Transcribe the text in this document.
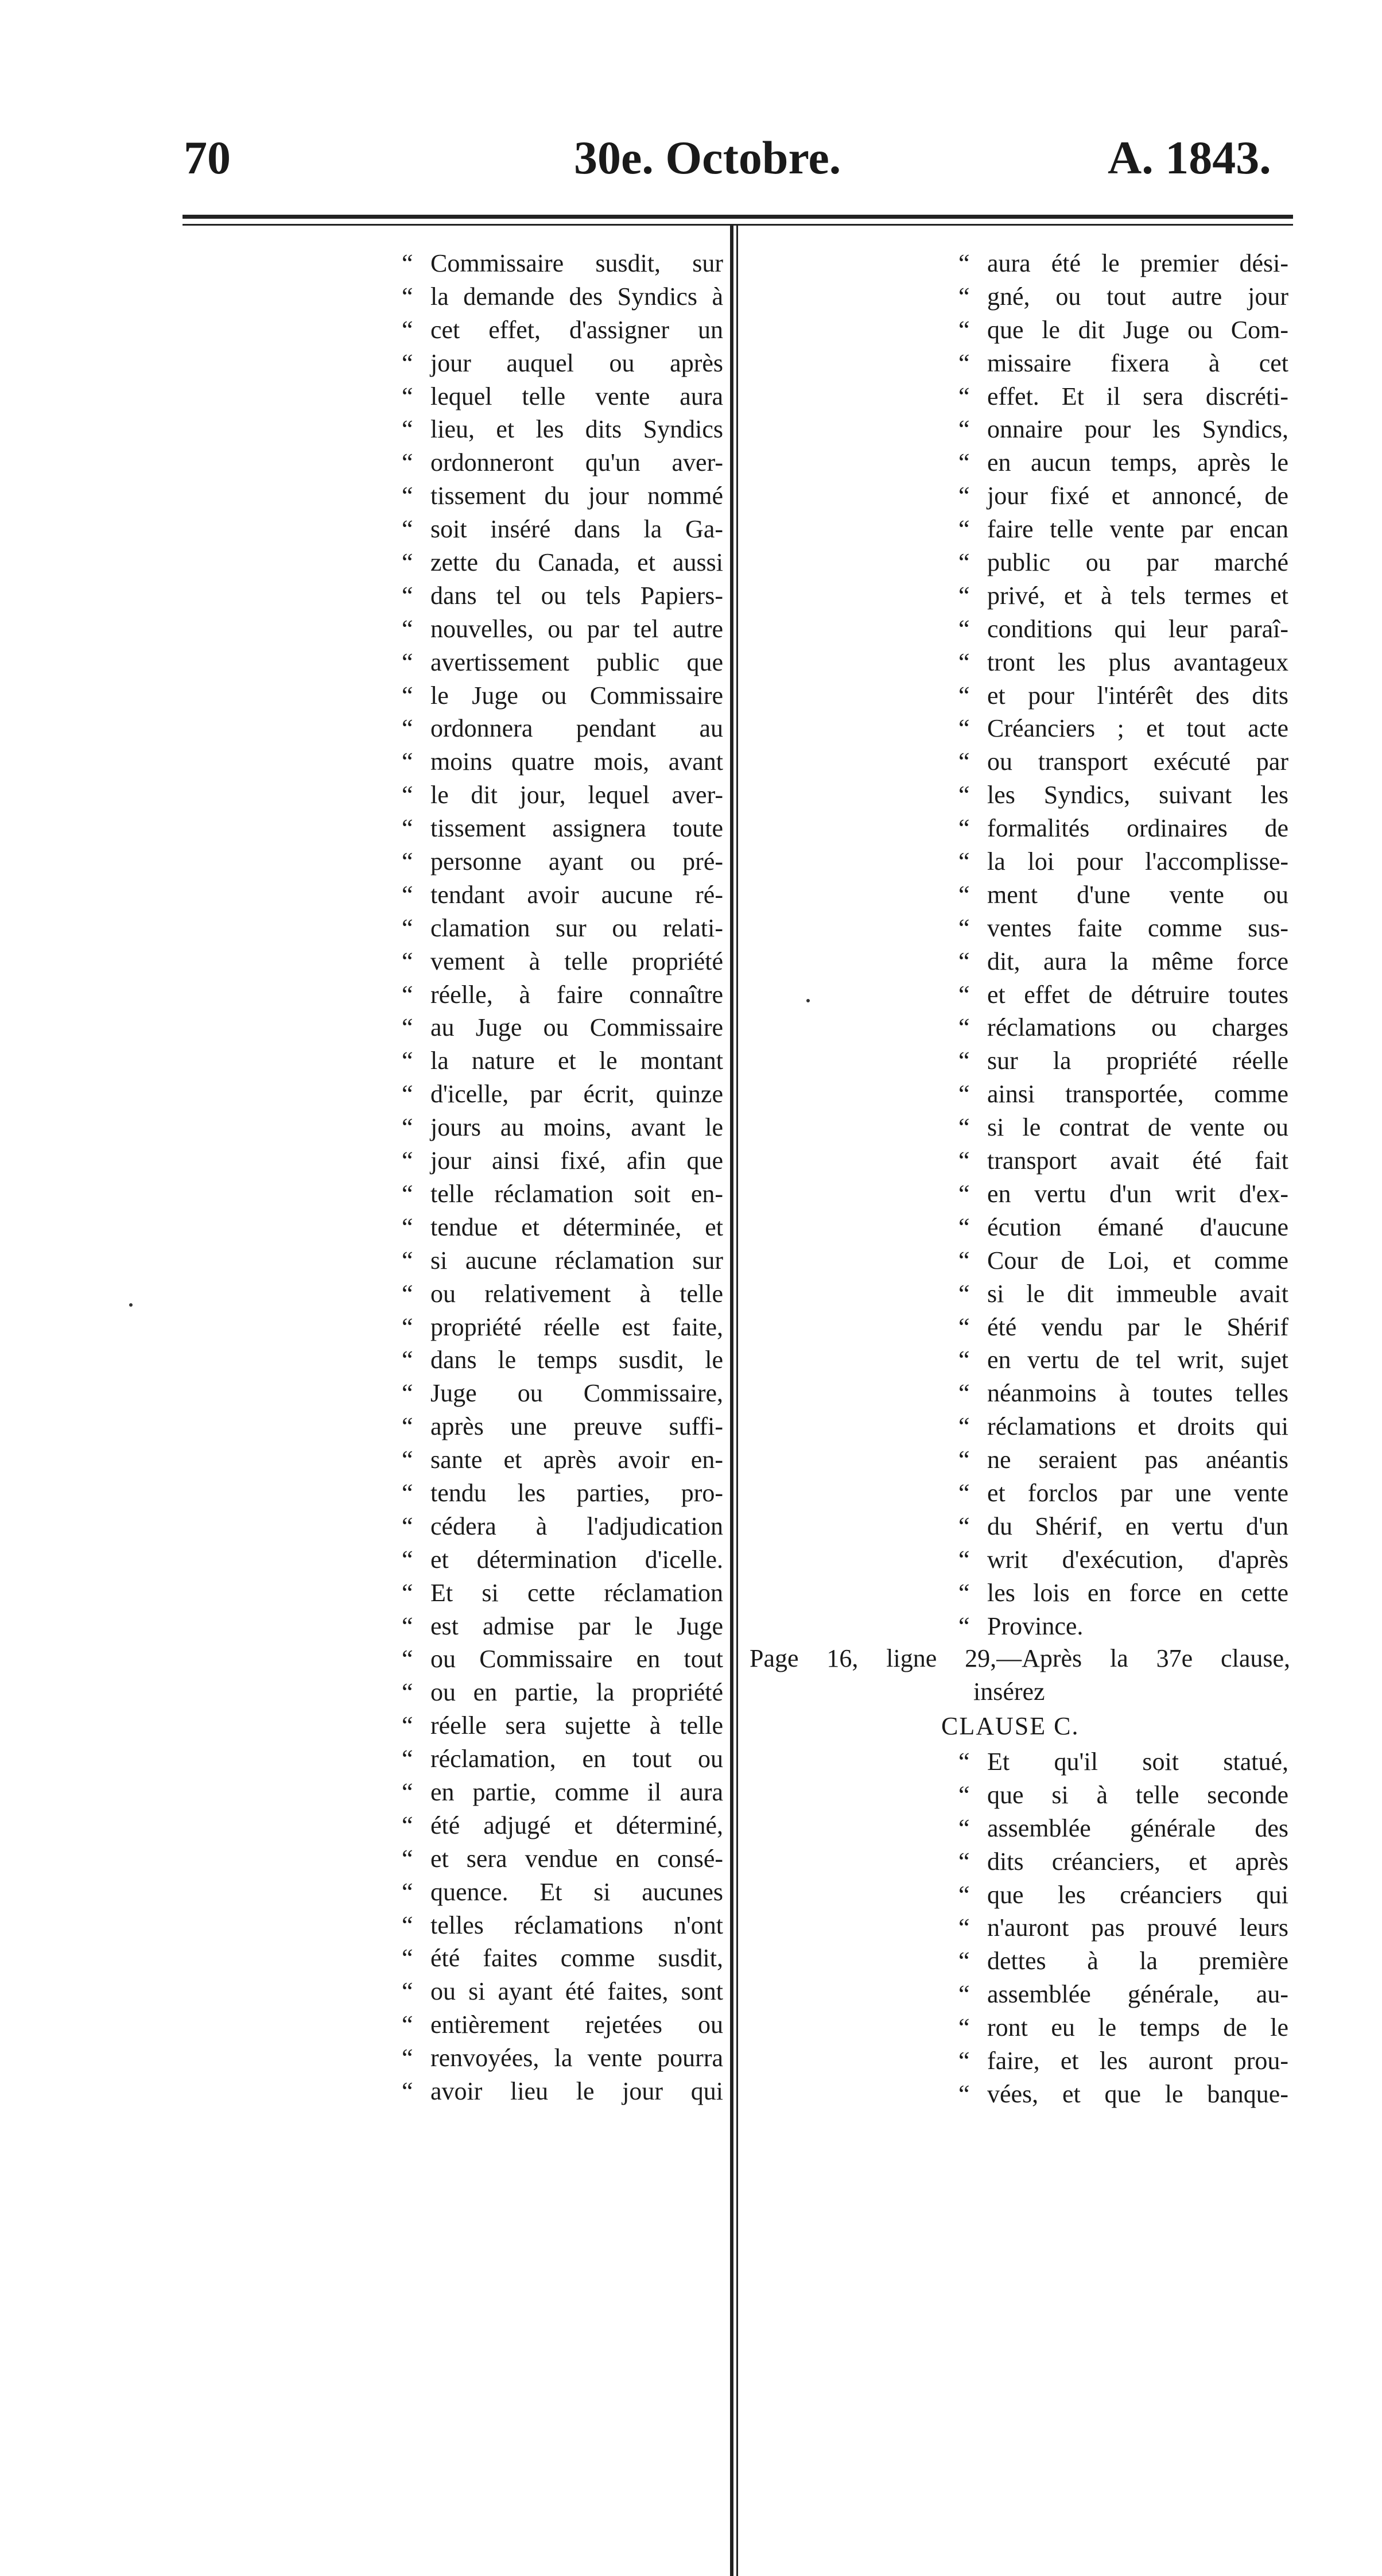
70	30e. Octobre.	A. 1843.
“ Commissaire susdit, sur
“ la demande des Syndics à
“ cet effet, d'assigner un
“ jour auquel ou après
“ lequel telle vente aura
“ lieu, et les dits Syndics
“ ordonneront qu'un aver-
“ tissement du jour nommé
“ soit inséré dans la Ga-
“ zette du Canada, et aussi
“ dans tel ou tels Papiers-
“ nouvelles, ou par tel autre
“ avertissement public que
“ le Juge ou Commissaire
“ ordonnera pendant au
“ moins quatre mois, avant
“ le dit jour, lequel aver-
“ tissement assignera toute
“ personne ayant ou pré-
“ tendant avoir aucune ré-
“ clamation sur ou relati-
“ vement à telle propriété
“ réelle, à faire connaître
“ au Juge ou Commissaire
“ la nature et le montant
“ d'icelle, par écrit, quinze
“ jours au moins, avant le
“ jour ainsi fixé, afin que
“ telle réclamation soit en-
“ tendue et déterminée, et
“ si aucune réclamation sur
“ ou relativement à telle
“ propriété réelle est faite,
“ dans le temps susdit, le
“ Juge ou Commissaire,
“ après une preuve suffi-
“ sante et après avoir en-
“ tendu les parties, pro-
“ cédera à l'adjudication
“ et détermination d'icelle.
“ Et si cette réclamation
“ est admise par le Juge
“ ou Commissaire en tout
“ ou en partie, la propriété
“ réelle sera sujette à telle
“ réclamation, en tout ou
“ en partie, comme il aura
“ été adjugé et déterminé,
“ et sera vendue en consé-
“ quence. Et si aucunes
“ telles réclamations n'ont
“ été faites comme susdit,
“ ou si ayant été faites, sont
“ entièrement rejetées ou
“ renvoyées, la vente pourra
“ avoir lieu le jour qui
“ aura été le premier dési-
“ gné, ou tout autre jour
“ que le dit Juge ou Com-
“ missaire fixera à cet
“ effet. Et il sera discréti-
“ onnaire pour les Syndics,
“ en aucun temps, après le
“ jour fixé et annoncé, de
“ faire telle vente par encan
“ public ou par marché
“ privé, et à tels termes et
“ conditions qui leur paraî-
“ tront les plus avantageux
“ et pour l'intérêt des dits
“ Créanciers ; et tout acte
“ ou transport exécuté par
“ les Syndics, suivant les
“ formalités ordinaires de
“ la loi pour l'accomplisse-
“ ment d'une vente ou
“ ventes faite comme sus-
“ dit, aura la même force
“ et effet de détruire toutes
“ réclamations ou charges
“ sur la propriété réelle
“ ainsi transportée, comme
“ si le contrat de vente ou
“ transport avait été fait
“ en vertu d'un writ d'ex-
“ écution émané d'aucune
“ Cour de Loi, et comme
“ si le dit immeuble avait
“ été vendu par le Shérif
“ en vertu de tel writ, sujet
“ néanmoins à toutes telles
“ réclamations et droits qui
“ ne seraient pas anéantis
“ et forclos par une vente
“ du Shérif, en vertu d'un
“ writ d'exécution, d'après
“ les lois en force en cette
“ Province.
Page 16, ligne 29,—Après la 37e clause,
insérez
CLAUSE C.
“ Et qu'il soit statué,
“ que si à telle seconde
“ assemblée générale des
“ dits créanciers, et après
“ que les créanciers qui
“ n'auront pas prouvé leurs
“ dettes à la première
“ assemblée générale, au-
“ ront eu le temps de le
“ faire, et les auront prou-
“ vées, et que le banque-
